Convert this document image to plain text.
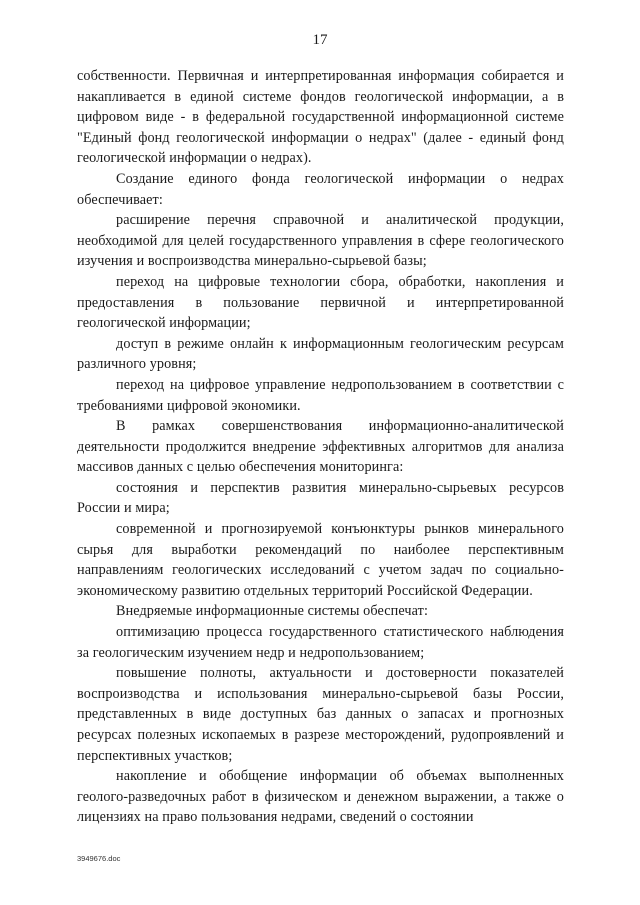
17

собственности. Первичная и интерпретированная информация собирается и накапливается в единой системе фондов геологической информации, а в цифровом виде - в федеральной государственной информационной системе "Единый фонд геологической информации о недрах" (далее - единый фонд геологической информации о недрах).

Создание единого фонда геологической информации о недрах обеспечивает:

расширение перечня справочной и аналитической продукции, необходимой для целей государственного управления в сфере геологического изучения и воспроизводства минерально-сырьевой базы;

переход на цифровые технологии сбора, обработки, накопления и предоставления в пользование первичной и интерпретированной геологической информации;

доступ в режиме онлайн к информационным геологическим ресурсам различного уровня;

переход на цифровое управление недропользованием в соответствии с требованиями цифровой экономики.

В рамках совершенствования информационно-аналитической деятельности продолжится внедрение эффективных алгоритмов для анализа массивов данных с целью обеспечения мониторинга:

состояния и перспектив развития минерально-сырьевых ресурсов России и мира;

современной и прогнозируемой конъюнктуры рынков минерального сырья для выработки рекомендаций по наиболее перспективным направлениям геологических исследований с учетом задач по социально-экономическому развитию отдельных территорий Российской Федерации.

Внедряемые информационные системы обеспечат:

оптимизацию процесса государственного статистического наблюдения за геологическим изучением недр и недропользованием;

повышение полноты, актуальности и достоверности показателей воспроизводства и использования минерально-сырьевой базы России, представленных в виде доступных баз данных о запасах и прогнозных ресурсах полезных ископаемых в разрезе месторождений, рудопроявлений и перспективных участков;

накопление и обобщение информации об объемах выполненных геолого-разведочных работ в физическом и денежном выражении, а также о лицензиях на право пользования недрами, сведений о состоянии

3949676.doc
